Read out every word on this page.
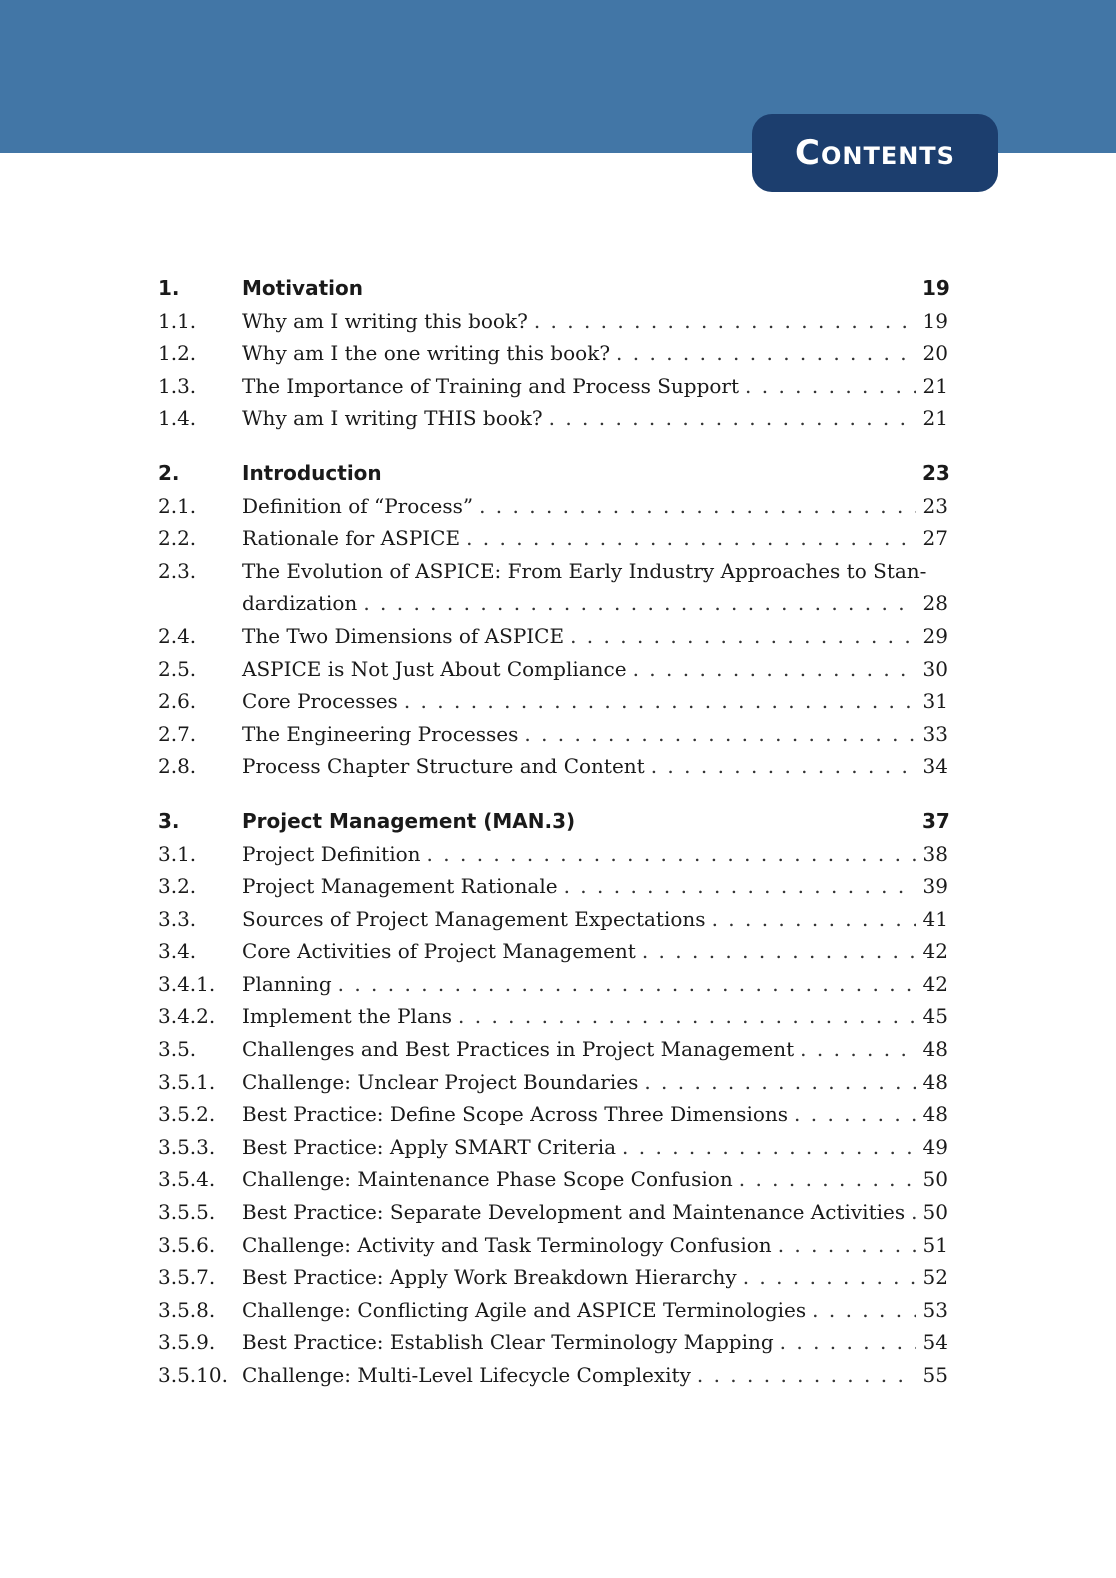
Contents
1.	Motivation	19
1.1.	Why am I writing this book? . . .	19
1.2.	Why am I the one writing this book? . . .	20
1.3.	The Importance of Training and Process Support . . .	21
1.4.	Why am I writing THIS book? . . .	21
2.	Introduction	23
2.1.	Definition of “Process” . . .	23
2.2.	Rationale for ASPICE . . .	27
2.3.	The Evolution of ASPICE: From Early Industry Approaches to Stan-
dardization . . .	28
2.4.	The Two Dimensions of ASPICE . . .	29
2.5.	ASPICE is Not Just About Compliance . . .	30
2.6.	Core Processes . . .	31
2.7.	The Engineering Processes . . .	33
2.8.	Process Chapter Structure and Content . . .	34
3.	Project Management (MAN.3)	37
3.1.	Project Definition . . .	38
3.2.	Project Management Rationale . . .	39
3.3.	Sources of Project Management Expectations . . .	41
3.4.	Core Activities of Project Management . . .	42
3.4.1.	Planning . . .	42
3.4.2.	Implement the Plans . . .	45
3.5.	Challenges and Best Practices in Project Management . . .	48
3.5.1.	Challenge: Unclear Project Boundaries . . .	48
3.5.2.	Best Practice: Define Scope Across Three Dimensions . . .	48
3.5.3.	Best Practice: Apply SMART Criteria . . .	49
3.5.4.	Challenge: Maintenance Phase Scope Confusion . . .	50
3.5.5.	Best Practice: Separate Development and Maintenance Activities . . . 50
3.5.6.	Challenge: Activity and Task Terminology Confusion . . .	51
3.5.7.	Best Practice: Apply Work Breakdown Hierarchy . . .	52
3.5.8.	Challenge: Conflicting Agile and ASPICE Terminologies . . .	53
3.5.9.	Best Practice: Establish Clear Terminology Mapping . . .	54
3.5.10. Challenge: Multi-Level Lifecycle Complexity . . .	55
